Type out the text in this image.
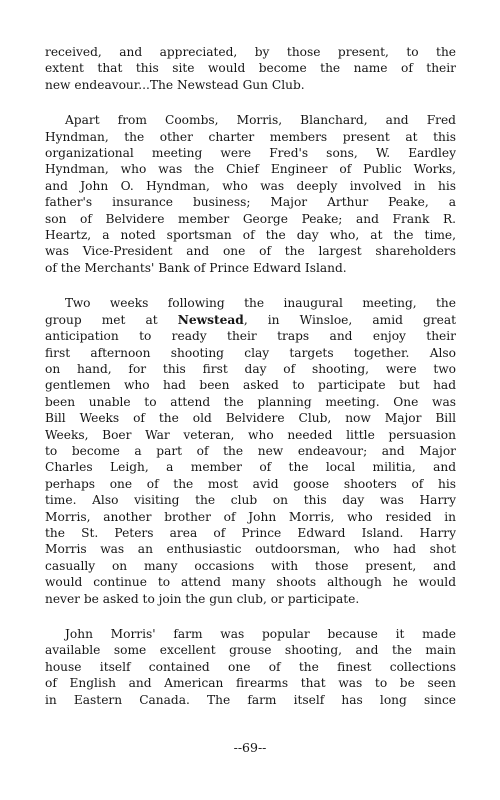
received, and appreciated, by those present, to the
extent that this site would become the name of their
new endeavour...The Newstead Gun Club.

Apart from Coombs, Morris, Blanchard, and Fred
Hyndman, the other charter members present at this
organizational meeting were Fred's sons, W. Eardley
Hyndman, who was the Chief Engineer of Public Works,
and John O. Hyndman, who was deeply involved in his
father's insurance business; Major Arthur Peake, a
son of Belvidere member George Peake; and Frank R.
Heartz, a noted sportsman of the day who, at the time,
was Vice-President and one of the largest shareholders
of the Merchants' Bank of Prince Edward Island.

Two weeks following the inaugural meeting, the
group met at Newstead, in Winsloe, amid great
anticipation to ready their traps and enjoy their
first afternoon shooting clay targets together. Also
on hand, for this first day of shooting, were two
gentlemen who had been asked to participate but had
been unable to attend the planning meeting. One was
Bill Weeks of the old Belvidere Club, now Major Bill
Weeks, Boer War veteran, who needed little persuasion
to become a part of the new endeavour; and Major
Charles Leigh, a member of the local militia, and
perhaps one of the most avid goose shooters of his
time. Also visiting the club on this day was Harry
Morris, another brother of John Morris, who resided in
the St. Peters area of Prince Edward Island. Harry
Morris was an enthusiastic outdoorsman, who had shot
casually on many occasions with those present, and
would continue to attend many shoots although he would
never be asked to join the gun club, or participate.

John Morris' farm was popular because it made
available some excellent grouse shooting, and the main
house itself contained one of the finest collections
of English and American firearms that was to be seen
in Eastern Canada. The farm itself has long since

--69--
